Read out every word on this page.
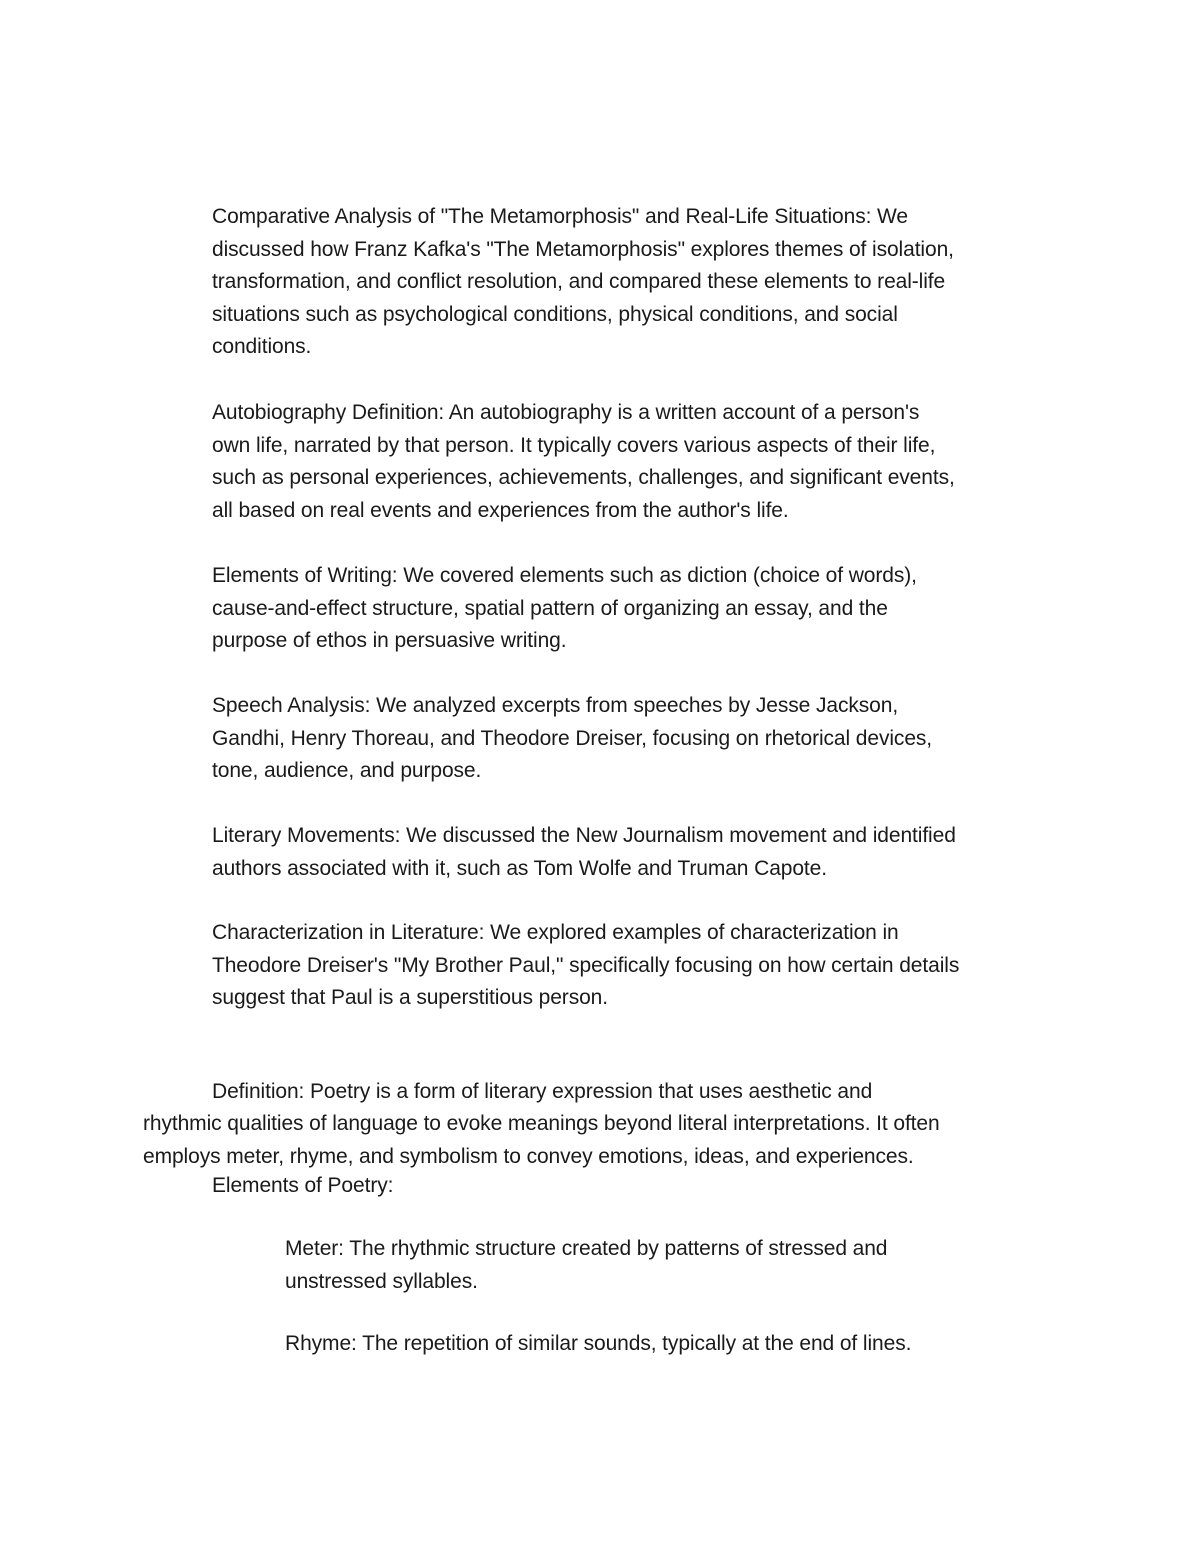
Comparative Analysis of "The Metamorphosis" and Real-Life Situations: We
discussed how Franz Kafka's "The Metamorphosis" explores themes of isolation,
transformation, and conflict resolution, and compared these elements to real-life
situations such as psychological conditions, physical conditions, and social
conditions.

Autobiography Definition: An autobiography is a written account of a person's
own life, narrated by that person. It typically covers various aspects of their life,
such as personal experiences, achievements, challenges, and significant events,
all based on real events and experiences from the author's life.

Elements of Writing: We covered elements such as diction (choice of words),
cause-and-effect structure, spatial pattern of organizing an essay, and the
purpose of ethos in persuasive writing.

Speech Analysis: We analyzed excerpts from speeches by Jesse Jackson,
Gandhi, Henry Thoreau, and Theodore Dreiser, focusing on rhetorical devices,
tone, audience, and purpose.

Literary Movements: We discussed the New Journalism movement and identified
authors associated with it, such as Tom Wolfe and Truman Capote.

Characterization in Literature: We explored examples of characterization in
Theodore Dreiser's "My Brother Paul," specifically focusing on how certain details
suggest that Paul is a superstitious person.

Definition: Poetry is a form of literary expression that uses aesthetic and
rhythmic qualities of language to evoke meanings beyond literal interpretations. It often
employs meter, rhyme, and symbolism to convey emotions, ideas, and experiences.

Elements of Poetry:

Meter: The rhythmic structure created by patterns of stressed and
unstressed syllables.

Rhyme: The repetition of similar sounds, typically at the end of lines.
